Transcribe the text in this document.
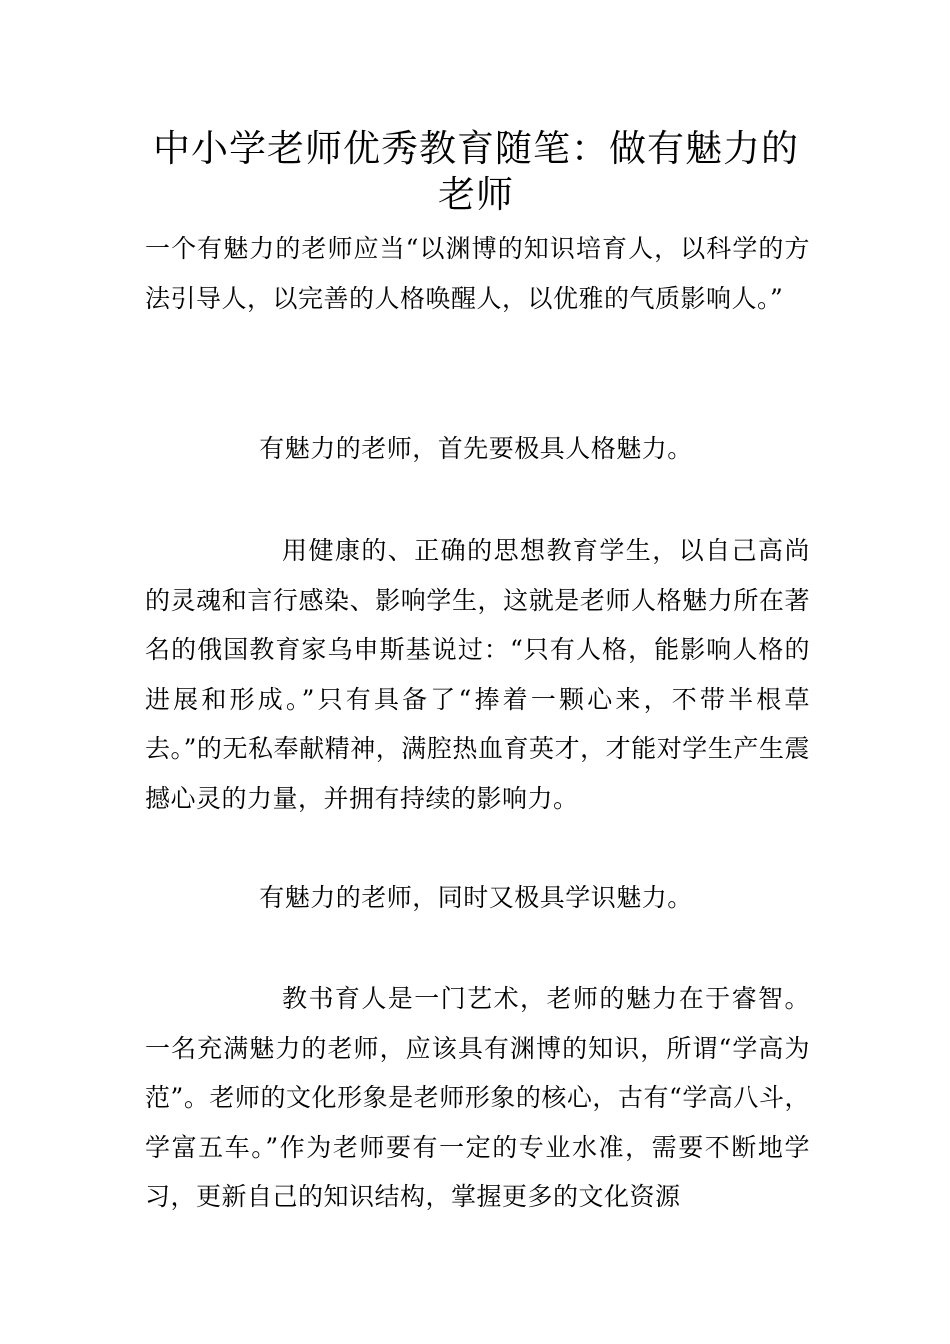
中小学老师优秀教育随笔：做有魅力的老师

一个有魅力的老师应当“以渊博的知识培育人，以科学的方法引导人，以完善的人格唤醒人，以优雅的气质影响人。”

有魅力的老师，首先要极具人格魅力。

用健康的、正确的思想教育学生，以自己高尚的灵魂和言行感染、影响学生，这就是老师人格魅力所在著名的俄国教育家乌申斯基说过：“只有人格，能影响人格的进展和形成。”只有具备了“捧着一颗心来，不带半根草去。”的无私奉献精神，满腔热血育英才，才能对学生产生震撼心灵的力量，并拥有持续的影响力。

有魅力的老师，同时又极具学识魅力。

教书育人是一门艺术，老师的魅力在于睿智。一名充满魅力的老师，应该具有渊博的知识，所谓“学高为范”。老师的文化形象是老师形象的核心，古有“学高八斗，学富五车。”作为老师要有一定的专业水准，需要不断地学习，更新自己的知识结构，掌握更多的文化资源
